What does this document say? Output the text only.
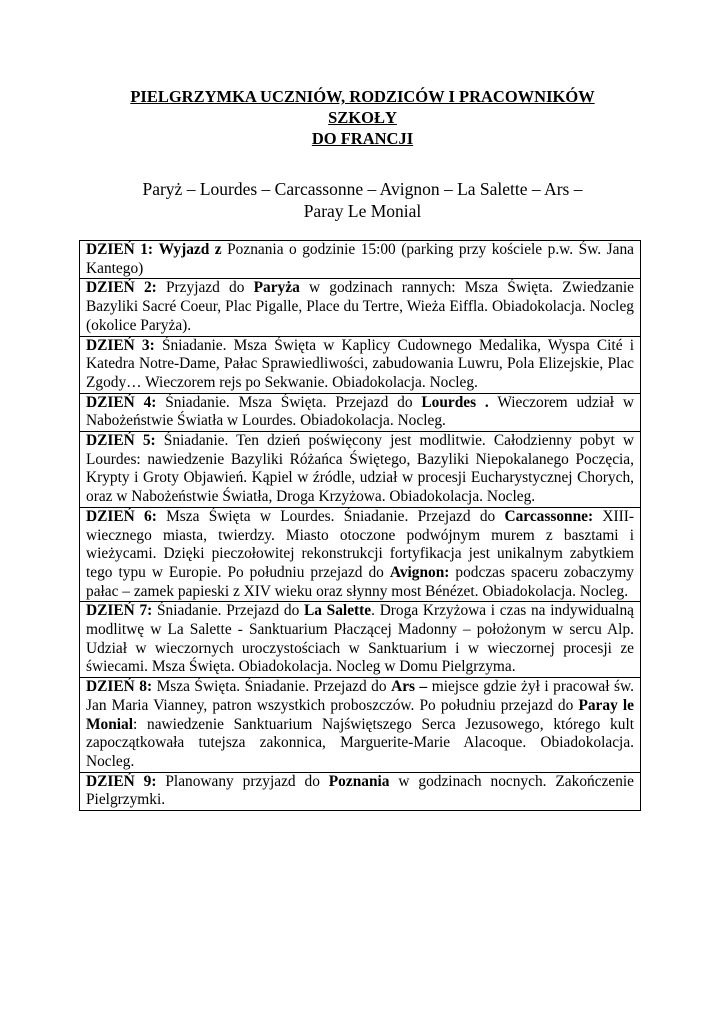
PIELGRZYMKA UCZNIÓW, RODZICÓW I PRACOWNIKÓW
SZKOŁY
DO FRANCJI
Paryż – Lourdes – Carcassonne – Avignon – La Salette – Ars –
Paray Le Monial
DZIEŃ 1: Wyjazd z Poznania o godzinie 15:00 (parking przy kościele p.w. Św. Jana Kantego)
DZIEŃ 2: Przyjazd do Paryża w godzinach rannych: Msza Święta. Zwiedzanie Bazyliki Sacré Coeur, Plac Pigalle, Place du Tertre, Wieża Eiffla. Obiadokolacja. Nocleg (okolice Paryża).
DZIEŃ 3: Śniadanie. Msza Święta w Kaplicy Cudownego Medalika, Wyspa Cité i Katedra Notre-Dame, Pałac Sprawiedliwości, zabudowania Luwru, Pola Elizejskie, Plac Zgody… Wieczorem rejs po Sekwanie. Obiadokolacja. Nocleg.
DZIEŃ 4: Śniadanie. Msza Święta. Przejazd do Lourdes . Wieczorem udział w Nabożeństwie Światła w Lourdes. Obiadokolacja. Nocleg.
DZIEŃ 5: Śniadanie. Ten dzień poświęcony jest modlitwie. Całodzienny pobyt w Lourdes: nawiedzenie Bazyliki Różańca Świętego, Bazyliki Niepokalanego Poczęcia, Krypty i Groty Objawień. Kąpiel w źródle, udział w procesji Eucharystycznej Chorych, oraz w Nabożeństwie Światła, Droga Krzyżowa. Obiadokolacja. Nocleg.
DZIEŃ 6: Msza Święta w Lourdes. Śniadanie. Przejazd do Carcassonne: XIII-wiecznego miasta, twierdzy. Miasto otoczone podwójnym murem z basztami i wieżycami. Dzięki pieczołowitej rekonstrukcji fortyfikacja jest unikalnym zabytkiem tego typu w Europie. Po południu przejazd do Avignon: podczas spaceru zobaczymy pałac – zamek papieski z XIV wieku oraz słynny most Bénézet. Obiadokolacja. Nocleg.
DZIEŃ 7: Śniadanie. Przejazd do La Salette. Droga Krzyżowa i czas na indywidualną modlitwę w La Salette - Sanktuarium Płaczącej Madonny – położonym w sercu Alp. Udział w wieczornych uroczystościach w Sanktuarium i w wieczornej procesji ze świecami. Msza Święta. Obiadokolacja. Nocleg w Domu Pielgrzyma.
DZIEŃ 8: Msza Święta. Śniadanie. Przejazd do Ars – miejsce gdzie żył i pracował św. Jan Maria Vianney, patron wszystkich proboszczów. Po południu przejazd do Paray le Monial: nawiedzenie Sanktuarium Najświętszego Serca Jezusowego, którego kult zapoczątkowała tutejsza zakonnica, Marguerite-Marie Alacoque. Obiadokolacja. Nocleg.
DZIEŃ 9: Planowany przyjazd do Poznania w godzinach nocnych. Zakończenie Pielgrzymki.
